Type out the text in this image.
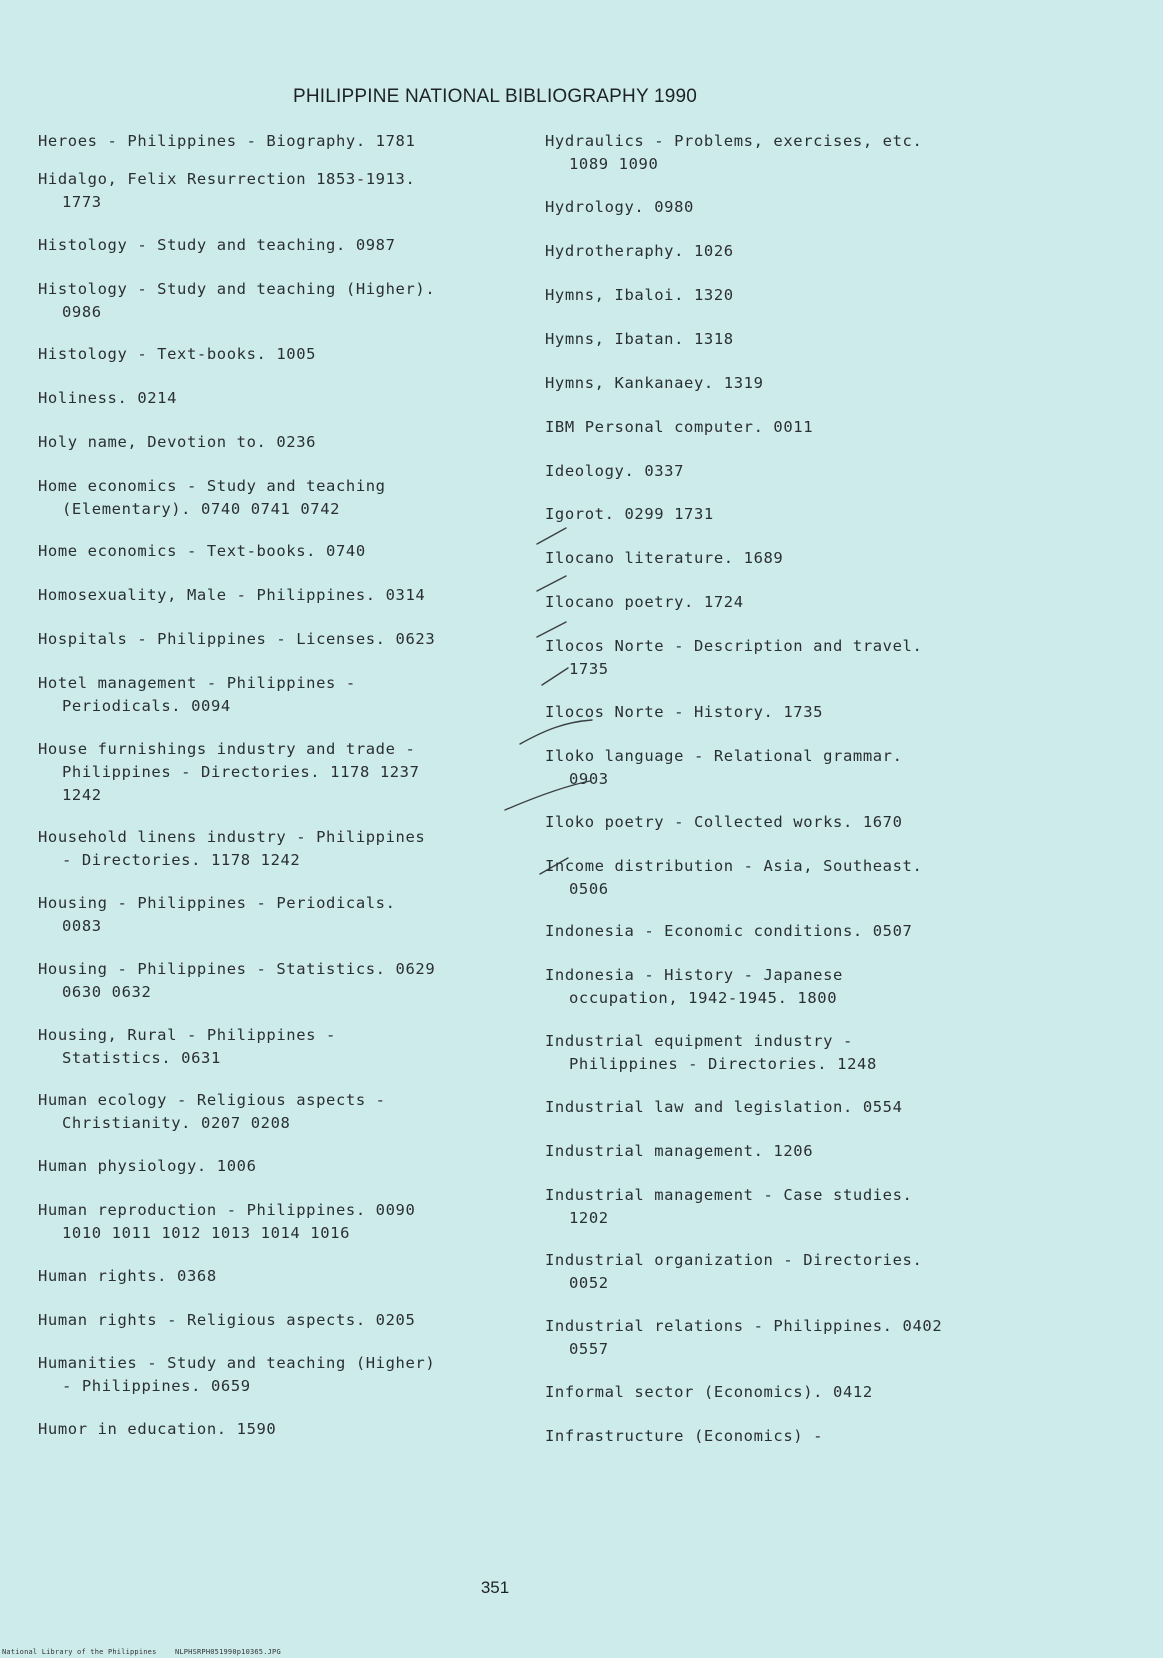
PHILIPPINE NATIONAL BIBLIOGRAPHY 1990
Heroes - Philippines - Biography. 1781
Hidalgo, Felix Resurrection 1853-1913.
1773
Histology - Study and teaching. 0987
Histology - Study and teaching (Higher).
0986
Histology - Text-books. 1005
Holiness. 0214
Holy name, Devotion to. 0236
Home economics - Study and teaching
(Elementary). 0740 0741 0742
Home economics - Text-books. 0740
Homosexuality, Male - Philippines. 0314
Hospitals - Philippines - Licenses. 0623
Hotel management - Philippines -
Periodicals. 0094
House furnishings industry and trade -
Philippines - Directories. 1178 1237
1242
Household linens industry - Philippines
- Directories. 1178 1242
Housing - Philippines - Periodicals.
0083
Housing - Philippines - Statistics. 0629
0630 0632
Housing, Rural - Philippines -
Statistics. 0631
Human ecology - Religious aspects -
Christianity. 0207 0208
Human physiology. 1006
Human reproduction - Philippines. 0090
1010 1011 1012 1013 1014 1016
Human rights. 0368
Human rights - Religious aspects. 0205
Humanities - Study and teaching (Higher)
- Philippines. 0659
Humor in education. 1590
Hydraulics - Problems, exercises, etc.
1089 1090
Hydrology. 0980
Hydrotheraphy. 1026
Hymns, Ibaloi. 1320
Hymns, Ibatan. 1318
Hymns, Kankanaey. 1319
IBM Personal computer. 0011
Ideology. 0337
Igorot. 0299 1731
Ilocano literature. 1689
Ilocano poetry. 1724
Ilocos Norte - Description and travel.
1735
Ilocos Norte - History. 1735
Iloko language - Relational grammar.
0903
Iloko poetry - Collected works. 1670
Income distribution - Asia, Southeast.
0506
Indonesia - Economic conditions. 0507
Indonesia - History - Japanese
occupation, 1942-1945. 1800
Industrial equipment industry -
Philippines - Directories. 1248
Industrial law and legislation. 0554
Industrial management. 1206
Industrial management - Case studies.
1202
Industrial organization - Directories.
0052
Industrial relations - Philippines. 0402
0557
Informal sector (Economics). 0412
Infrastructure (Economics) -
351
National Library of the Philippines	NLPHSRPH051990p10365.JPG
